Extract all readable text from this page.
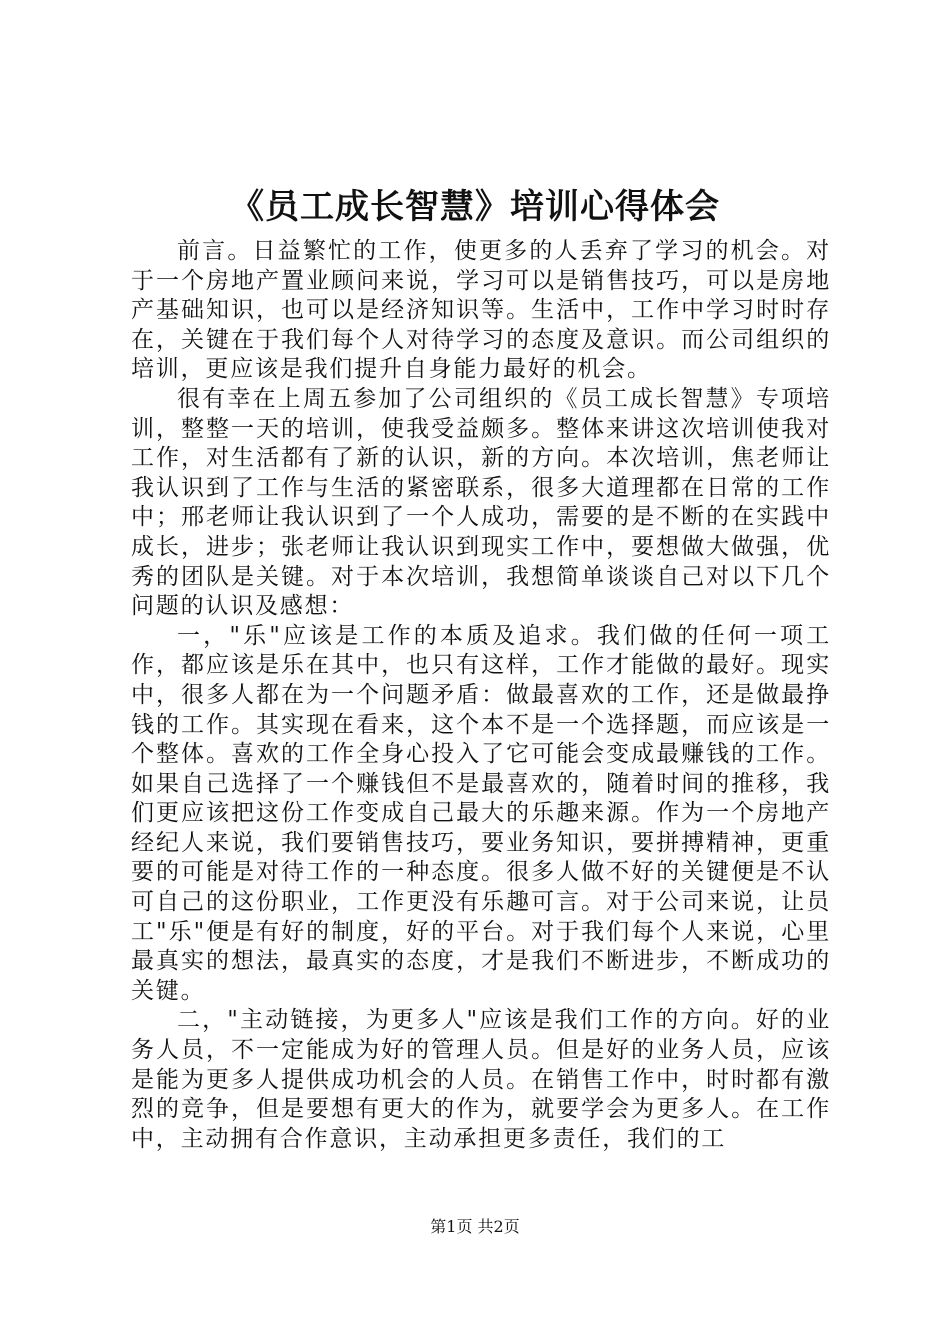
《员工成长智慧》培训心得体会

前言。日益繁忙的工作，使更多的人丢弃了学习的机会。对于一个房地产置业顾问来说，学习可以是销售技巧，可以是房地产基础知识，也可以是经济知识等。生活中，工作中学习时时存在，关键在于我们每个人对待学习的态度及意识。而公司组织的培训，更应该是我们提升自身能力最好的机会。

很有幸在上周五参加了公司组织的《员工成长智慧》专项培训，整整一天的培训，使我受益颇多。整体来讲这次培训使我对工作，对生活都有了新的认识，新的方向。本次培训，焦老师让我认识到了工作与生活的紧密联系，很多大道理都在日常的工作中；邢老师让我认识到了一个人成功，需要的是不断的在实践中成长，进步；张老师让我认识到现实工作中，要想做大做强，优秀的团队是关键。对于本次培训，我想简单谈谈自己对以下几个问题的认识及感想：

一，"乐"应该是工作的本质及追求。我们做的任何一项工作，都应该是乐在其中，也只有这样，工作才能做的最好。现实中，很多人都在为一个问题矛盾：做最喜欢的工作，还是做最挣钱的工作。其实现在看来，这个本不是一个选择题，而应该是一个整体。喜欢的工作全身心投入了它可能会变成最赚钱的工作。如果自己选择了一个赚钱但不是最喜欢的，随着时间的推移，我们更应该把这份工作变成自己最大的乐趣来源。作为一个房地产经纪人来说，我们要销售技巧，要业务知识，要拼搏精神，更重要的可能是对待工作的一种态度。很多人做不好的关键便是不认可自己的这份职业，工作更没有乐趣可言。对于公司来说，让员工"乐"便是有好的制度，好的平台。对于我们每个人来说，心里最真实的想法，最真实的态度，才是我们不断进步，不断成功的关键。

二，"主动链接，为更多人"应该是我们工作的方向。好的业务人员，不一定能成为好的管理人员。但是好的业务人员，应该是能为更多人提供成功机会的人员。在销售工作中，时时都有激烈的竞争，但是要想有更大的作为，就要学会为更多人。在工作中，主动拥有合作意识，主动承担更多责任，我们的工

第1页 共2页
